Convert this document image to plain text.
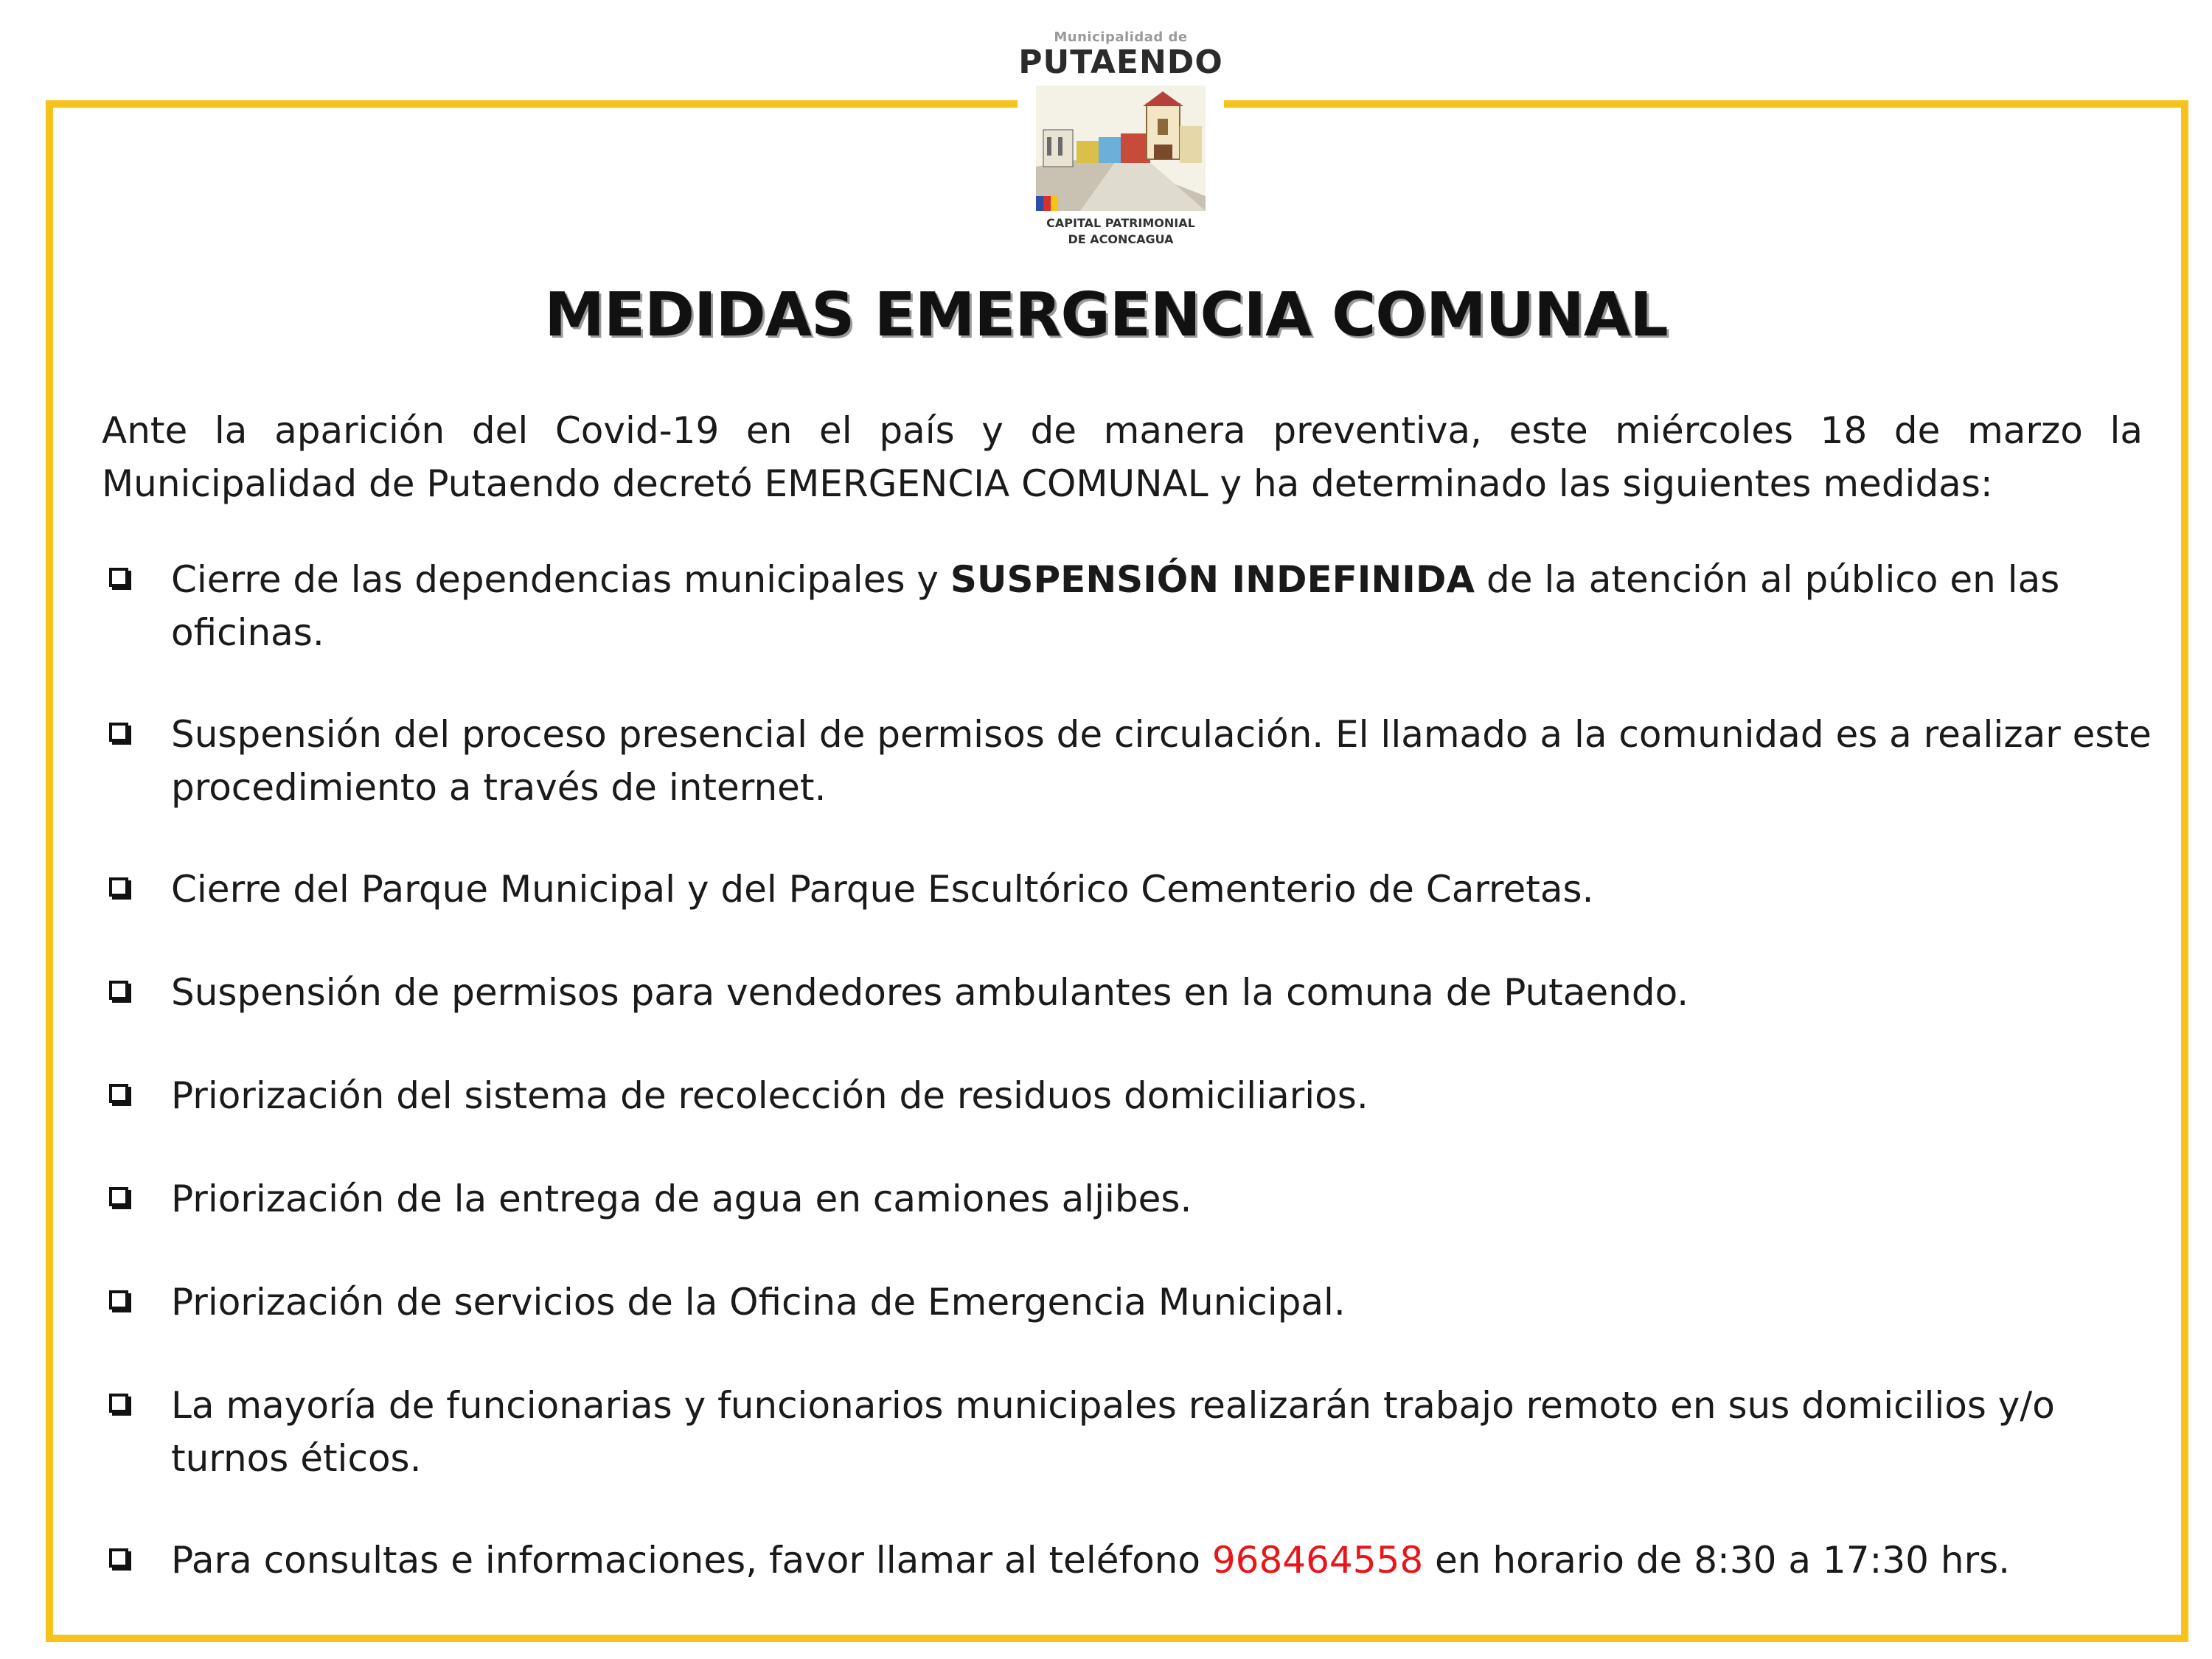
Municipalidad de
PUTAENDO
CAPITAL PATRIMONIAL
DE ACONCAGUA
MEDIDAS EMERGENCIA COMUNAL
Ante la aparición del Covid-19 en el país y de manera preventiva, este miércoles 18 de marzo la Municipalidad de Putaendo decretó EMERGENCIA COMUNAL y ha determinado las siguientes medidas:
Cierre de las dependencias municipales y SUSPENSIÓN INDEFINIDA de la atención al público en las oficinas.
Suspensión del proceso presencial de permisos de circulación. El llamado a la comunidad es a realizar este procedimiento a través de internet.
Cierre del Parque Municipal y del Parque Escultórico Cementerio de Carretas.
Suspensión de permisos para vendedores ambulantes en la comuna de Putaendo.
Priorización del sistema de recolección de residuos domiciliarios.
Priorización de la entrega de agua en camiones aljibes.
Priorización de servicios de la Oficina de Emergencia Municipal.
La mayoría de funcionarias y funcionarios municipales realizarán trabajo remoto en sus domicilios y/o turnos éticos.
Para consultas e informaciones, favor llamar al teléfono 968464558 en horario de 8:30 a 17:30 hrs.
